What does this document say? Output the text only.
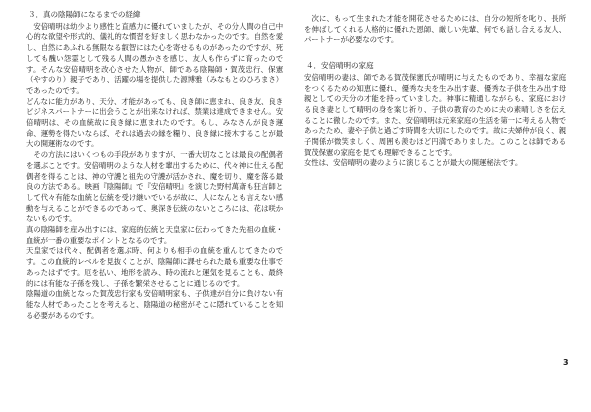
３．真の陰陽師になるまでの経緯

　安倍晴明は幼少より感性と直感力に優れていましたが、その分人間の自己中心的な欲望や形式的、儀礼的な慣習を好ましく思わなかったのです。自然を愛し、自然にあふれる無限なる叡智にはた心を寄せるものがあったのですが、死しても醜い怨霊として残る人間の愚かさを感じ、友人も作らずに育ったのです。そんな安倍晴明を改心させた人物が、師である陰陽師・賀茂忠行、保憲（やすのり）親子であり、活躍の場を提供した源博雅（みなもとのひろまさ）であったのです。

どんなに能力があり、天分、才能があっても、良き師に恵まれ、良き友、良きビジネスパートナーに出会うことが出来なければ、禁業は達成できません。安倍晴明は、その血統故に良き縁に恵まれたのです。もし、みなさんが良き運命、運勢を得たいならば、それは過去の縁を糧り、良き縁に接木することが最大の開運術なのです。

　その方法にはいくつもの手段がありますが、一番大切なことは最良の配偶者を選ぶことです。安倍晴明のような人材を輩出するために、代々神に仕える配偶者を得ることは、神の守護と祖先の守護が活かされ、魔を切り、魔を落る最良の方法である。映画『陰陽師』で『安倍晴明』を演じた野村萬斎も狂言師として代々有能な血統と伝統を受け継いでいるが故に、人になんとも言えない感動を与えることができるのであって、奥深き伝統のないところには、花は咲かないものです。

真の陰陽師を産み出すには、家庭的伝統と天皇家に伝わってきた先祖の血統・血統が一番の重要なポイントとなるのです。

天皇家では代々、配偶者を選ぶ時、何よりも相手の血統を重んじてきたのです。この血統的レベルを見抜くことが、陰陽師に課せられた最も重要な仕事であったはずです。厄を払い、地形を読み、時の流れと運気を見ることも、最終的には有能な子孫を残し、子孫を繁栄させることに通じるのです。

陰陽道の血統となった賀茂忠行家も安倍晴明家も、子供達が自分に負けない有能な人材であったことを考えると、陰陽道の秘密がそこに隠れていることを知る必要があるのです。

　次に、もって生まれた才能を開花させるためには、自分の短所を叱り、長所を伸ばしてくれる人格的に優れた恩師、厳しい先輩、何でも話し合える友人、パートナーが必要なのです。

４．安倍晴明の家庭

安倍晴明の妻は、師である賀茂保憲氏が晴明に与えたものであり、幸福な家庭をつくるための知恵に優れ、優秀な夫を生み出す妻、優秀な子供を生み出す母親としての天分の才能を持っていました。神事に精通しながらも、家庭における良き妻として晴明の身を案じ祈り、子供の教育のために夫の素晴しさを伝えることに徹したのです。また、安倍晴明は元来家庭の生活を第一に考える人物であったため、妻や子供と過ごす時間を大切にしたのです。故に夫婦仲が良く、親子関係が微笑ましく、周囲も羨むほど円満でありました。このことは師である賀茂保憲の家庭を見ても理解できることです。

女性は、安倍晴明の妻のように演じることが最大の開運秘法です。

3
